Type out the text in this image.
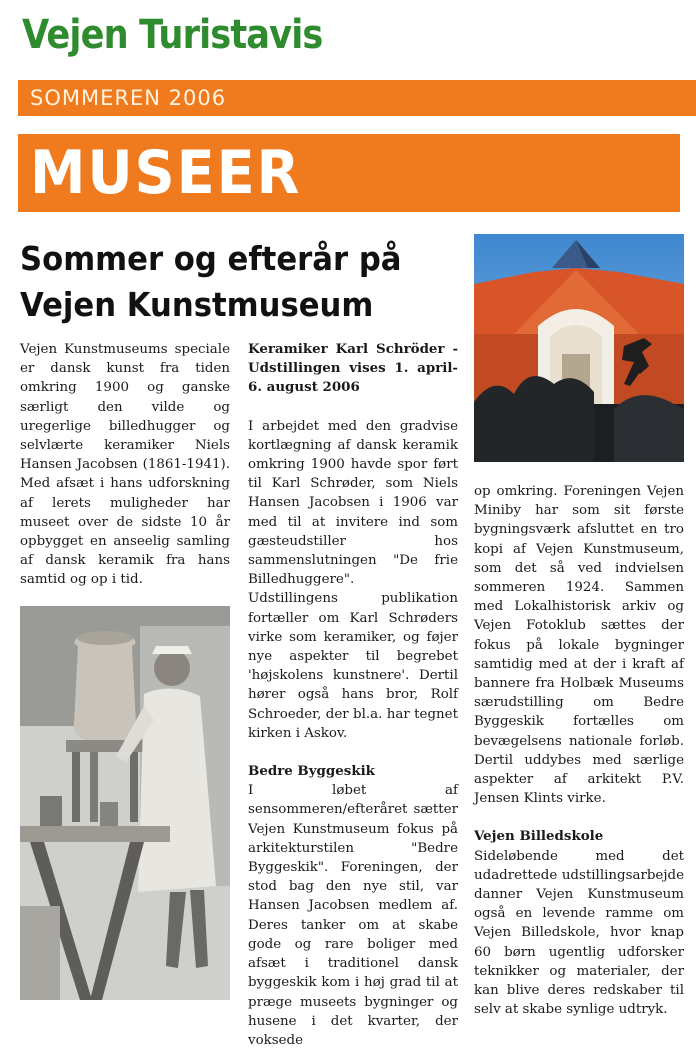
Vejen Turistavis
SOMMEREN 2006
MUSEER
Sommer og efterår på
Vejen Kunstmuseum

Vejen Kunstmuseums speciale er dansk kunst fra tiden omkring 1900 og ganske særligt den vilde og uregerlige billedhugger og selvlærte keramiker Niels Hansen Jacobsen (1861-1941). Med afsæt i hans udforskning af lerets muligheder har museet over de sidste 10 år opbygget en anseelig samling af dansk keramik fra hans samtid og op i tid.

Keramiker Karl Schröder - Udstillingen vises 1. april-6. august 2006

I arbejdet med den gradvise kortlægning af dansk keramik omkring 1900 havde spor ført til Karl Schrøder, som Niels Hansen Jacobsen i 1906 var med til at invitere ind som gæsteudstiller hos sammenslutningen "De frie Billedhuggere".

Udstillingens publikation fortæller om Karl Schrøders virke som keramiker, og føjer nye aspekter til begrebet 'højskolens kunstnere'. Dertil hører også hans bror, Rolf Schroeder, der bl.a. har tegnet kirken i Askov.

Bedre Byggeskik

I løbet af sensommeren/efteråret sætter Vejen Kunstmuseum fokus på arkitekturstilen "Bedre Byggeskik". Foreningen, der stod bag den nye stil, var Hansen Jacobsen medlem af. Deres tanker om at skabe gode og rare boliger med afsæt i traditionel dansk byggeskik kom i høj grad til at præge museets bygninger og husene i det kvarter, der voksede

op omkring. Foreningen Vejen Miniby har som sit første bygningsværk afsluttet en tro kopi af Vejen Kunstmuseum, som det så ved indvielsen sommeren 1924. Sammen med Lokalhistorisk arkiv og Vejen Fotoklub sættes der fokus på lokale bygninger samtidig med at der i kraft af bannere fra Holbæk Museums særudstilling om Bedre Byggeskik fortælles om bevægelsens nationale forløb. Dertil uddybes med særlige aspekter af arkitekt P.V. Jensen Klints virke.

Vejen Billedskole

Sideløbende med det udadrettede udstillingsarbejde danner Vejen Kunstmuseum også en levende ramme om Vejen Billedskole, hvor knap 60 børn ugentlig udforsker teknikker og materialer, der kan blive deres redskaber til selv at skabe synlige udtryk.
